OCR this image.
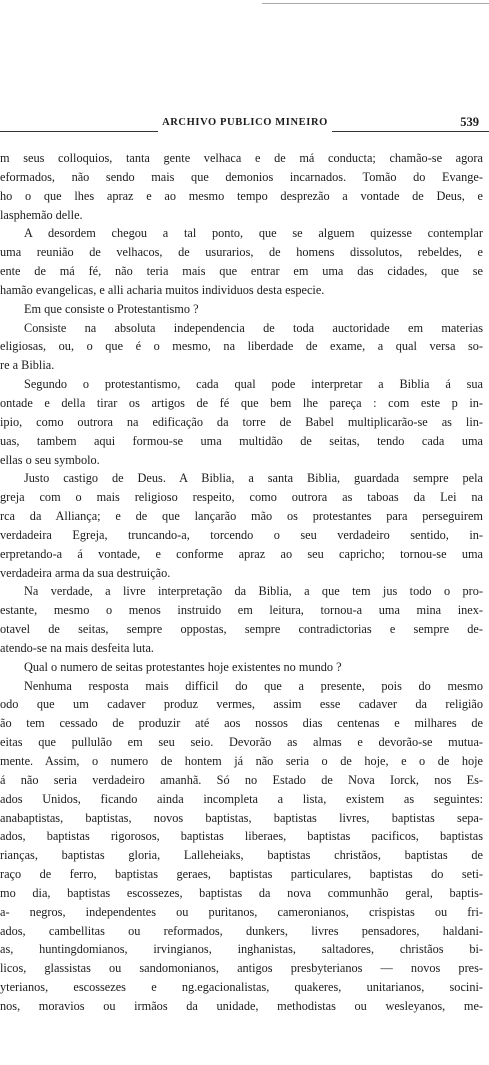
ARCHIVO PUBLICO MINEIRO	539
m seus colloquios, tanta gente velhaca e de má conducta; chamão-se agora
eformados, não sendo mais que demonios incarnados. Tomão do Evange-
ho o que lhes apraz e ao mesmo tempo desprezão a vontade de Deus, e
lasphemão delle.
A desordem chegou a tal ponto, que se alguem quizesse contemplar
uma reunião de velhacos, de usurarios, de homens dissolutos, rebeldes, e
ente de má fé, não teria mais que entrar em uma das cidades, que se
hamão evangelicas, e alli acharia muitos individuos desta especie.
Em que consiste o Protestantismo ?
Consiste na absoluta independencia de toda auctoridade em materias
eligiosas, ou, o que é o mesmo, na liberdade de exame, a qual versa so-
re a Biblia.
Segundo o protestantismo, cada qual pode interpretar a Biblia á sua
ontade e della tirar os artigos de fé que bem lhe pareça : com este p in-
ipio, como outrora na edificação da torre de Babel multiplicarão-se as lin-
uas, tambem aqui formou-se uma multidão de seitas, tendo cada uma
ellas o seu symbolo.
Justo castigo de Deus. A Biblia, a santa Biblia, guardada sempre pela
greja com o mais religioso respeito, como outrora as taboas da Lei na
rca da Alliança; e de que lançarão mão os protestantes para perseguirem
verdadeira Egreja, truncando-a, torcendo o seu verdadeiro sentido, in-
erpretando-a á vontade, e conforme apraz ao seu capricho; tornou-se uma
verdadeira arma da sua destruição.
Na verdade, a livre interpretação da Biblia, a que tem jus todo o pro-
estante, mesmo o menos instruido em leitura, tornou-a uma mina inex-
otavel de seitas, sempre oppostas, sempre contradictorias e sempre de-
atendo-se na mais desfeita luta.
Qual o numero de seitas protestantes hoje existentes no mundo ?
Nenhuma resposta mais difficil do que a presente, pois do mesmo
odo que um cadaver produz vermes, assim esse cadaver da religião
ão tem cessado de produzir até aos nossos dias centenas e milhares de
eitas que pullulão em seu seio. Devorão as almas e devorão-se mutua-
mente. Assim, o numero de hontem já não seria o de hoje, e o de hoje
á não seria verdadeiro amanhã. Só no Estado de Nova Iorck, nos Es-
ados Unidos, ficando ainda incompleta a lista, existem as seguintes:
anabaptistas, baptistas, novos baptistas, baptistas livres, baptistas sepa-
ados, baptistas rigorosos, baptistas liberaes, baptistas pacificos, baptistas
rianças, baptistas gloria, Lalleheiaks, baptistas christãos, baptistas de
raço de ferro, baptistas geraes, baptistas particulares, baptistas do seti-
mo dia, baptistas escossezes, baptistas da nova communhão geral, baptis-
a- negros, independentes ou puritanos, cameronianos, crispistas ou fri-
ados, cambellitas ou reformados, dunkers, livres pensadores, haldani-
as, huntingdomianos, irvingianos, inghanistas, saltadores, christãos bi-
licos, glassistas ou sandomonianos, antigos presbyterianos — novos pres-
yterianos, escossezes e ng.egacionalistas, quakeres, unitarianos, socini-
nos, moravios ou irmãos da unidade, methodistas ou wesleyanos, me-
